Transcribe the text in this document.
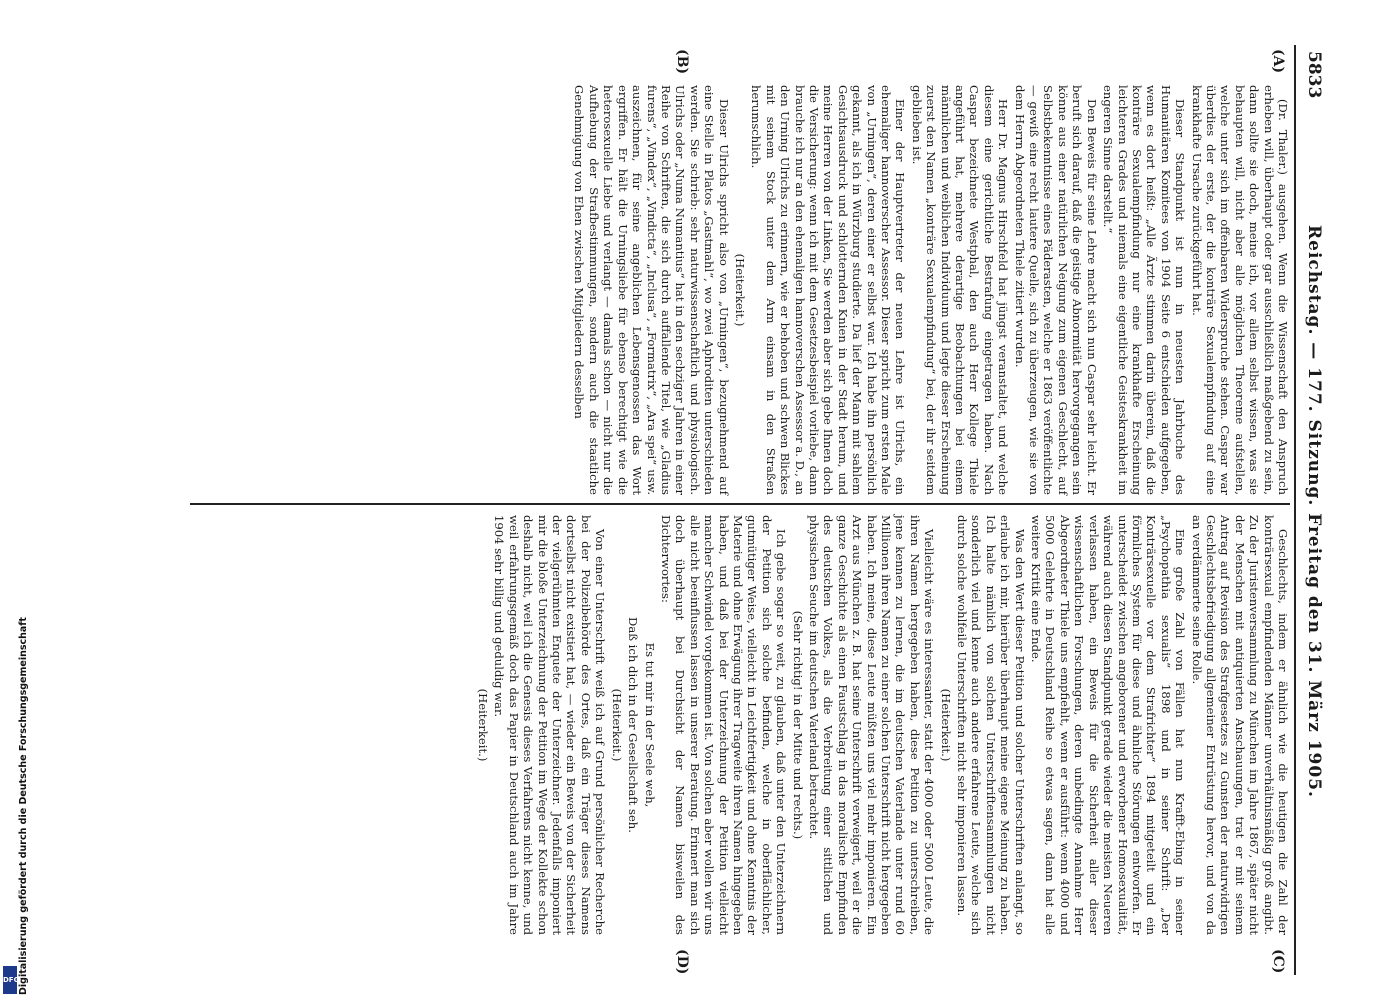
5833
Reichstag. — 177. Sitzung. Freitag den 31. März 1905.
(A)
(B)
(C)
(D)

(Dr. Thaler.) ausgehen. Wenn die Wissenschaft den Anspruch erheben will, überhaupt oder gar ausschließlich maßgebend zu sein, dann sollte sie doch, meine ich, vor allem selbst wissen, was sie behaupten will, nicht aber alle möglichen Theoreme aufstellen, welche unter sich im offenbaren Widerspruche stehen. Caspar war überdies der erste, der die konträre Sexualempfindung auf eine krankhafte Ursache zurückgeführt hat.

Dieser Standpunkt ist nun in neuesten Jahrbuche des Humanitären Komitees von 1904 Seite 6 entschieden aufgegeben, wenn es dort heißt: „Alle Ärzte stimmen darin überein, daß die konträre Sexualempfindung nur eine krankhafte Erscheinung leichteren Grades und niemals eine eigentliche Geisteskrankheit im engeren Sinne darstellt.“

Den Beweis für seine Lehre macht sich nun Caspar sehr leicht. Er beruft sich darauf, daß die geistige Abnormität hervorgegangen sein könne aus einer natürlichen Neigung zum eigenen Geschlecht, auf Selbstbekenntnisse eines Päderasten, welche er 1863 veröffentlichte — gewiß eine recht lautere Quelle, sich zu überzeugen, wie sie von dem Herrn Abgeordneten Thiele zitiert wurden.

Herr Dr. Magnus Hirschfeld hat jüngst veranstaltet, und welche diesem eine gerichtliche Bestrafung eingetragen haben. Nach Caspar bezeichnete Westphal, den auch Herr Kollege Thiele angeführt hat, mehrere derartige Beobachtungen bei einem männlichen und weiblichen Individuum und legte dieser Erscheinung zuerst den Namen „konträre Sexualempfindung“ bei, der ihr seitdem geblieben ist.

Einer der Hauptvertreter der neuen Lehre ist Ulrichs, ein ehemaliger hannoverscher Assessor. Dieser spricht zum ersten Male von „Urningen“, deren einer er selbst war. Ich habe ihn persönlich gekannt, als ich in Würzburg studierte. Da lief der Mann mit sahlem Gesichtsausdruck und schlotternden Knien in der Stadt herum, und meine Herren von der Linken, Sie werden aber sich gebe Ihnen doch die Versicherung: wenn ich mit dem Gesetzesbeispiel vorliebe, dann brauche ich nur an den ehemaligen hannoverschen Assessor a. D., an den Urning Ulrichs zu erinnern, wie er behoben und schwen Blickes mit seinem Stock unter dem Arm einsam in den Straßen herumschlich.

(Heiterkeit.)

Dieser Ulrichs spricht also von „Urningen“, bezugnehmend auf eine Stelle in Platos „Gastmahl“, wo zwei Aphroditen unterschieden werden. Sie schrieb: sehr naturwissenschaftlich und physiologisch. Ulrichs oder „Numa Numantius“ hat in den sechziger Jahren in einer Reihe von Schriften, die sich durch auffallende Titel, wie „Gladius furens“, „Vindex“, „Vindicta“, „Inclusa“, „Formatrix“, „Ara spei“ usw. auszeichnen, für seine angeblichen Lebensgenossen das Wort ergriffen. Er hält die Urningsliebe für ebenso berechtigt wie die heterosexuelle Liebe und verlangt — damals schon — nicht nur die Aufhebung der Strafbestimmungen, sondern auch die staatliche Genehmigung von Ehen zwischen Mitgliedern desselben

Geschlechts, indem er ähnlich wie die heutigen die Zahl der konträrsexual empfindenden Männer unverhältnismäßig groß angibt. Zu der Juristenversammlung zu München im Jahre 1867, später nicht der Menschen mit antiquierten Anschauungen, trat er mit seinem Antrag auf Revision des Strafgesetzes zu Gunsten der naturwidrigen Geschlechtsbefriedigung allgemeiner Entrüstung hervor, und von da an verdämmerte seine Rolle.

Eine große Zahl von Fällen hat nun Krafft-Ebing in seiner „Psychopathia sexualis“ 1898 und in seiner Schrift: „Der Konträrsexuelle vor dem Strafrichter“ 1894 mitgeteilt und ein förmliches System für diese und ähnliche Störungen entworfen. Er unterscheidet zwischen angeborener und erworbener Homosexualität, während auch diesen Standpunkt gerade wieder die meisten Neueren verlassen haben, ein Beweis für die Sicherheit aller dieser wissenschaftlichen Forschungen, deren unbedingte Annahme Herr Abgeordneter Thiele uns empfiehlt, wenn er ausführt: wenn 4000 und 5000 Gelehrte in Deutschland Reihe so etwas sagen, dann hat alle weitere Kritik eine Ende.

Was den Wert dieser Petition und solcher Unterschriften anlangt, so erlaube ich mir, hierüber überhaupt meine eigene Meinung zu haben. Ich halte nämlich von solchen Unterschriftensammlungen nicht sonderlich viel und kenne auch andere erfahrene Leute, welche sich durch solche wohlfeile Unterschriften nicht sehr imponieren lassen.

(Heiterkeit.)

Vielleicht wäre es interessanter, statt der 4000 oder 5000 Leute, die ihren Namen hergegeben haben, diese Petition zu unterschreiben, jene kennen zu lernen, die im deutschen Vaterlande unter rund 60 Millionen ihren Namen zu einer solchen Unterschrift nicht hergegeben haben. Ich meine, diese Leute müßten uns viel mehr imponieren. Ein Arzt aus München z. B. hat seine Unterschrift verweigert, weil er die ganze Geschichte als einen Faustschlag in das moralische Empfinden des deutschen Volkes, als die Verbreitung einer sittlichen und physischen Seuche im deutschen Vaterland betrachtet.

(Sehr richtig! in der Mitte und rechts.)

Ich gebe sogar so weit, zu glauben, daß unter den Unterzeichnern der Petition sich solche befinden, welche in oberflächlicher, gutmütiger Weise, vielleicht in Leichtfertigkeit und ohne Kenntnis der Materie und ohne Erwägung ihrer Tragweite ihren Namen hingegeben haben, und daß bei der Unterzeichnung der Petition vielleicht mancher Schwindel vorgekommen ist. Von solchen aber wollen wir uns alle nicht beeinflussen lassen in unserer Beratung. Erinnert man sich doch überhaupt bei Durchsicht der Namen bisweilen des Dichterwortes:

Es tut mir in der Seele weh,

Daß ich dich in der Gesellschaft seh.

(Heiterkeit.)

Von einer Unterschrift weiß ich auf Grund persönlicher Recherche bei der Polizeibehörde des Ortes, daß ein Träger dieses Namens dortselbst nicht existiert hat, — wieder ein Beweis von der Sicherheit der vielgerühmten Enquete der Unterzeichner. Jedenfalls imponiert mir die bloße Unterzeichnung der Petition im Wege der Kollekte schon deshalb nicht, weil ich die Genesis dieses Verfahrens nicht kenne, und weil erfahrungsgemäß doch das Papier in Deutschland auch im Jahre 1904 sehr billig und geduldig war.

(Heiterkeit.)

Digitalisierung gefördert durch die Deutsche Forschungsgemeinschaft
DFG
